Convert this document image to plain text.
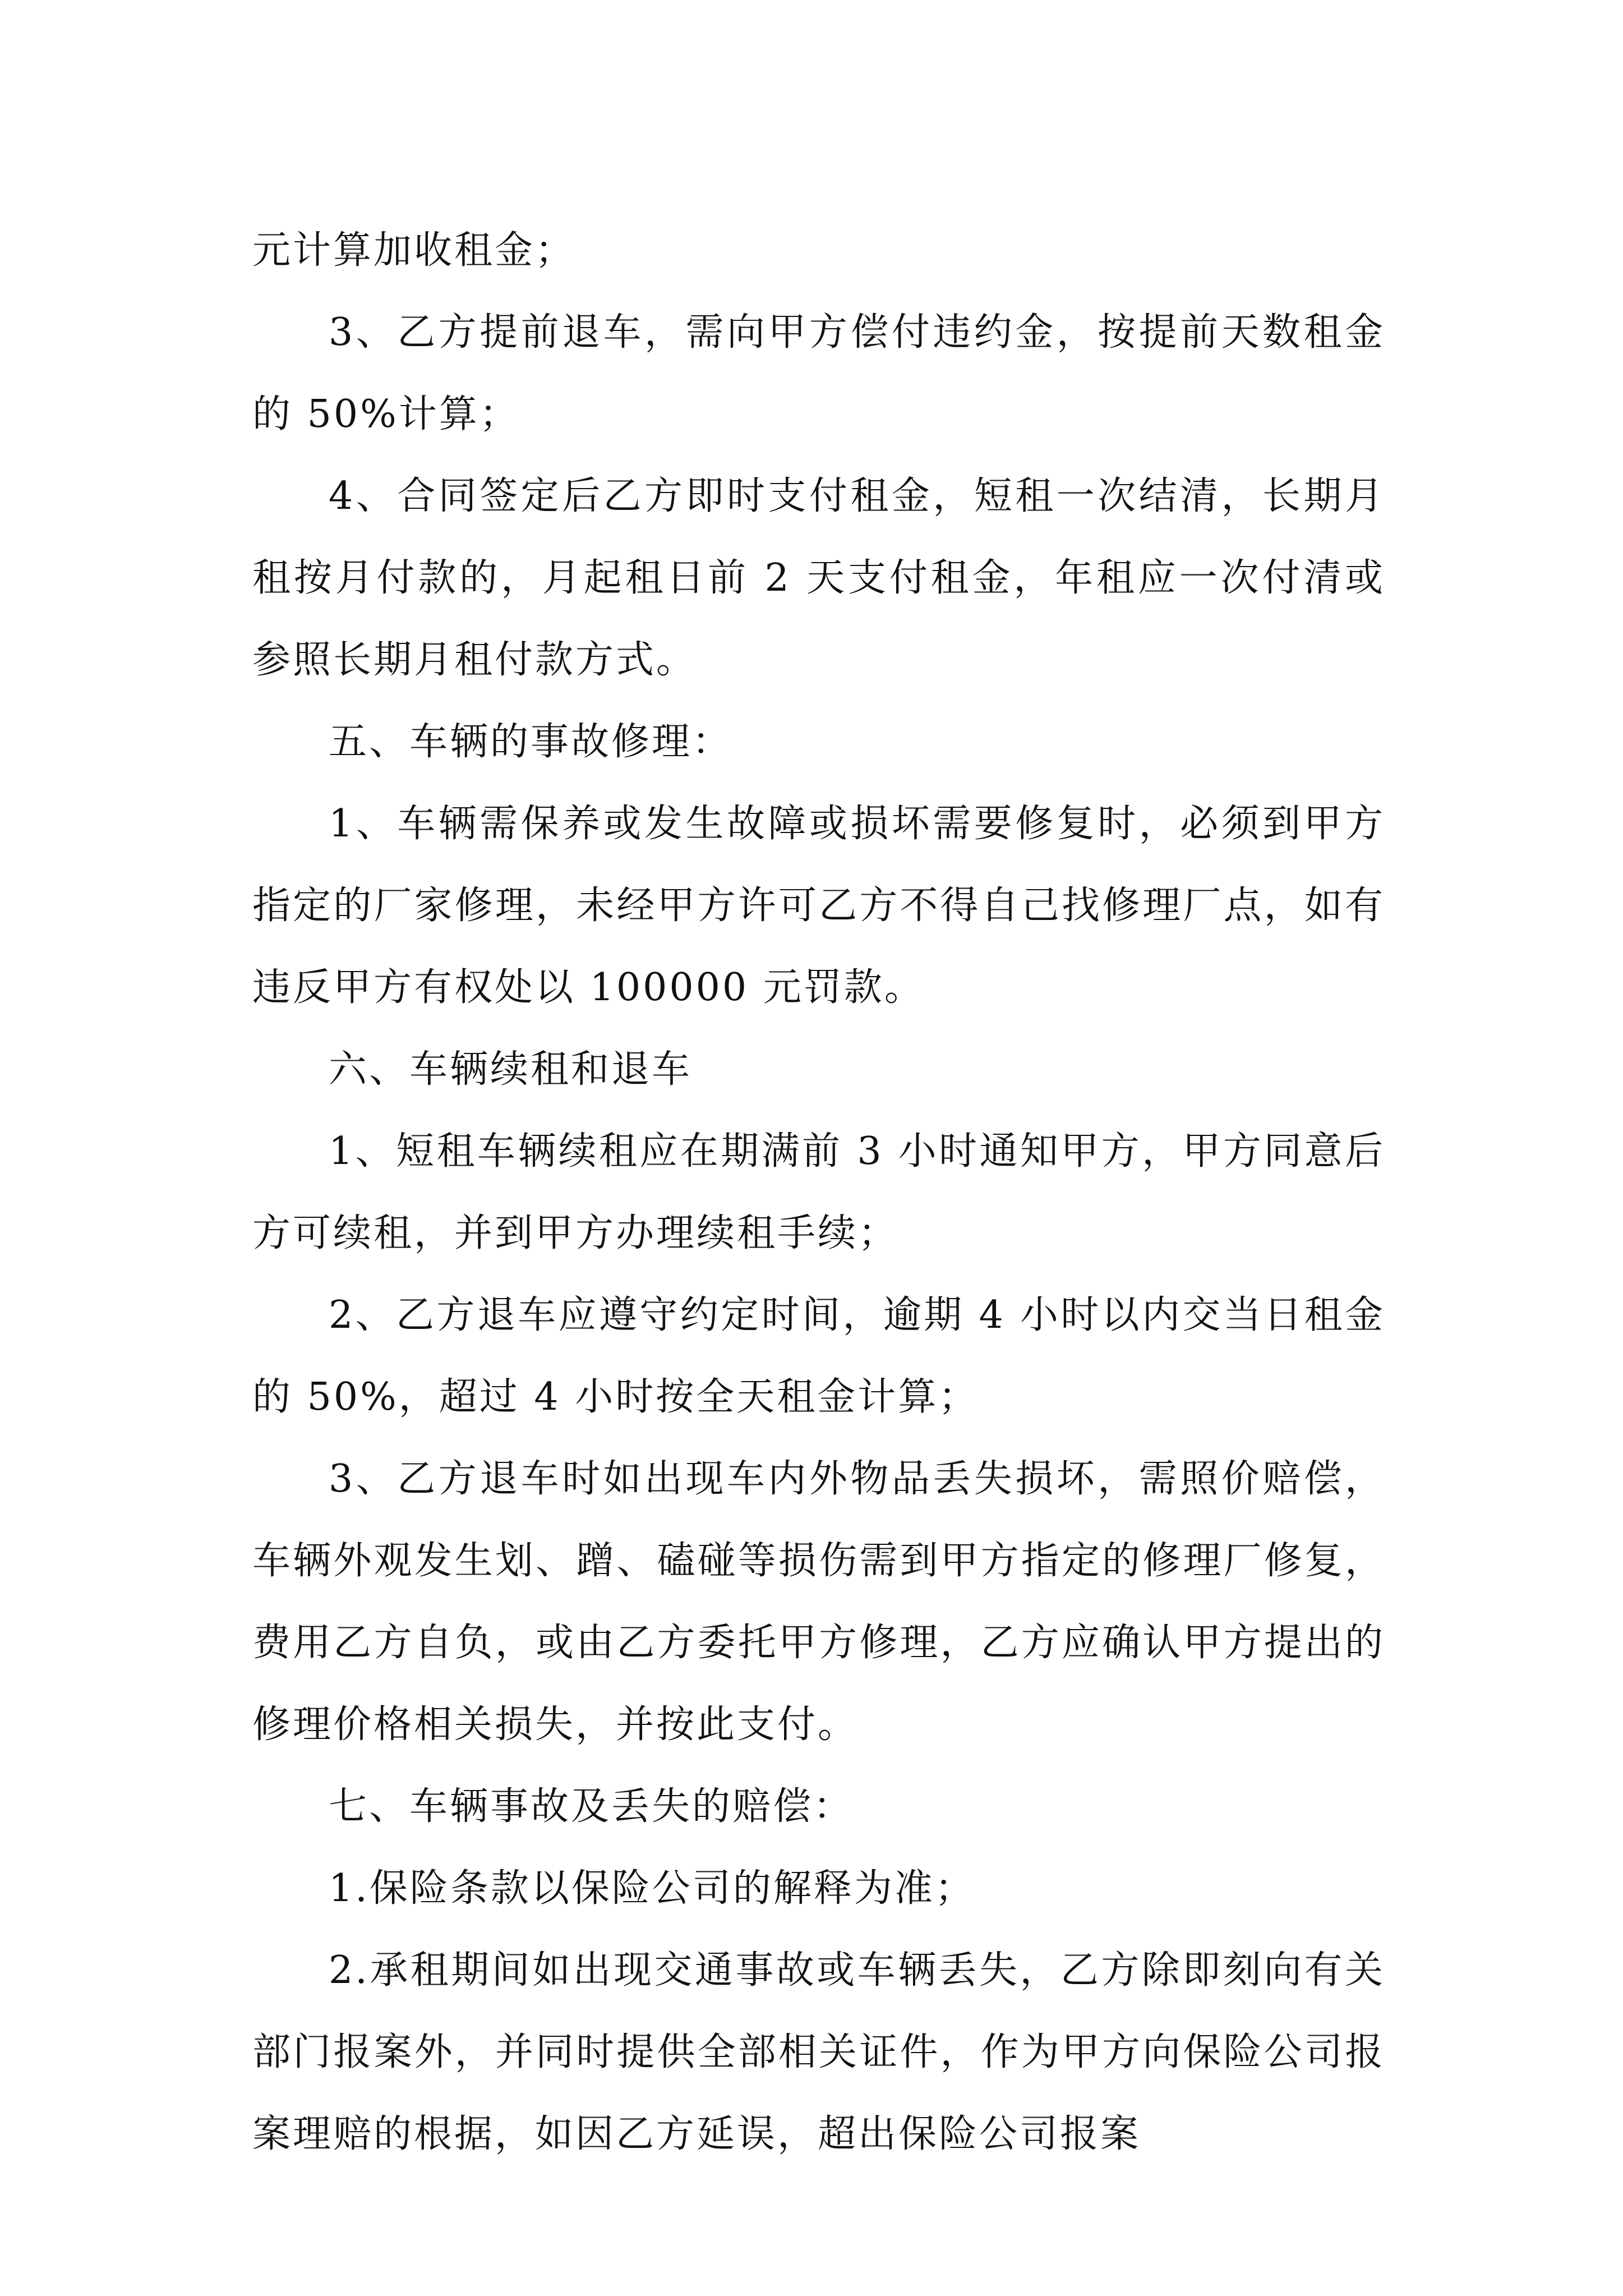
元计算加收租金；

3、乙方提前退车，需向甲方偿付违约金，按提前天数租金的 50%计算；

4、合同签定后乙方即时支付租金，短租一次结清，长期月租按月付款的，月起租日前 2 天支付租金，年租应一次付清或参照长期月租付款方式。

五、车辆的事故修理：

1、车辆需保养或发生故障或损坏需要修复时，必须到甲方指定的厂家修理，未经甲方许可乙方不得自己找修理厂点，如有违反甲方有权处以 100000 元罚款。

六、车辆续租和退车

1、短租车辆续租应在期满前 3 小时通知甲方，甲方同意后方可续租，并到甲方办理续租手续；

2、乙方退车应遵守约定时间，逾期 4 小时以内交当日租金的 50%，超过 4 小时按全天租金计算；

3、乙方退车时如出现车内外物品丢失损坏，需照价赔偿，车辆外观发生划、蹭、磕碰等损伤需到甲方指定的修理厂修复，费用乙方自负，或由乙方委托甲方修理，乙方应确认甲方提出的修理价格相关损失，并按此支付。

七、车辆事故及丢失的赔偿：

1.保险条款以保险公司的解释为准；

2.承租期间如出现交通事故或车辆丢失，乙方除即刻向有关部门报案外，并同时提供全部相关证件，作为甲方向保险公司报案理赔的根据，如因乙方延误，超出保险公司报案
